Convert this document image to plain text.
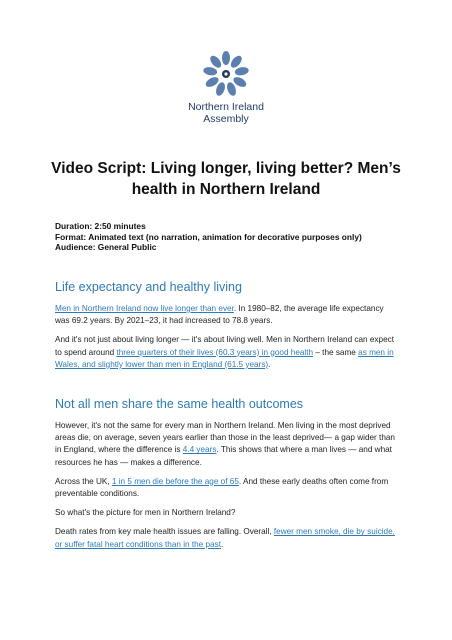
Northern Ireland
Assembly
Video Script: Living longer, living better? Men’s health in Northern Ireland
Duration: 2:50 minutes
Format: Animated text (no narration, animation for decorative purposes only)
Audience: General Public
Life expectancy and healthy living

Men in Northern Ireland now live longer than ever. In 1980–82, the average life expectancy was 69.2 years. By 2021–23, it had increased to 78.8 years.

And it's not just about living longer — it's about living well. Men in Northern Ireland can expect to spend around three quarters of their lives (60.3 years) in good health – the same as men in Wales, and slightly lower than men in England (61.5 years).

Not all men share the same health outcomes

However, it's not the same for every man in Northern Ireland. Men living in the most deprived areas die, on average, seven years earlier than those in the least deprived— a gap wider than in England, where the difference is 4.4 years. This shows that where a man lives — and what resources he has — makes a difference.

Across the UK, 1 in 5 men die before the age of 65. And these early deaths often come from preventable conditions.

So what's the picture for men in Northern Ireland?

Death rates from key male health issues are falling. Overall, fewer men smoke, die by suicide, or suffer fatal heart conditions than in the past.
